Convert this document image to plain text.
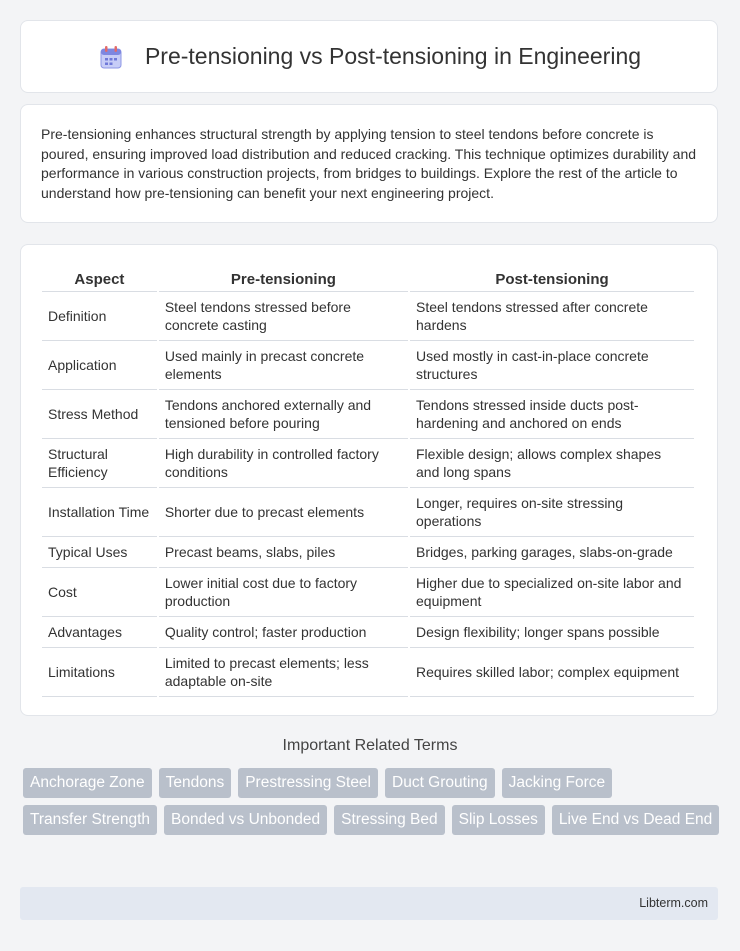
Pre-tensioning vs Post-tensioning in Engineering

Pre-tensioning enhances structural strength by applying tension to steel tendons before concrete is poured, ensuring improved load distribution and reduced cracking. This technique optimizes durability and performance in various construction projects, from bridges to buildings. Explore the rest of the article to understand how pre-tensioning can benefit your next engineering project.

Aspect	Pre-tensioning	Post-tensioning
Definition	Steel tendons stressed before concrete casting	Steel tendons stressed after concrete hardens
Application	Used mainly in precast concrete elements	Used mostly in cast-in-place concrete structures
Stress Method	Tendons anchored externally and tensioned before pouring	Tendons stressed inside ducts post-hardening and anchored on ends
Structural Efficiency	High durability in controlled factory conditions	Flexible design; allows complex shapes and long spans
Installation Time	Shorter due to precast elements	Longer, requires on-site stressing operations
Typical Uses	Precast beams, slabs, piles	Bridges, parking garages, slabs-on-grade
Cost	Lower initial cost due to factory production	Higher due to specialized on-site labor and equipment
Advantages	Quality control; faster production	Design flexibility; longer spans possible
Limitations	Limited to precast elements; less adaptable on-site	Requires skilled labor; complex equipment
Important Related Terms
Anchorage Zone	Tendons	Prestressing Steel	Duct Grouting	Jacking Force
Transfer Strength	Bonded vs Unbonded	Stressing Bed	Slip Losses	Live End vs Dead End
Libterm.com
